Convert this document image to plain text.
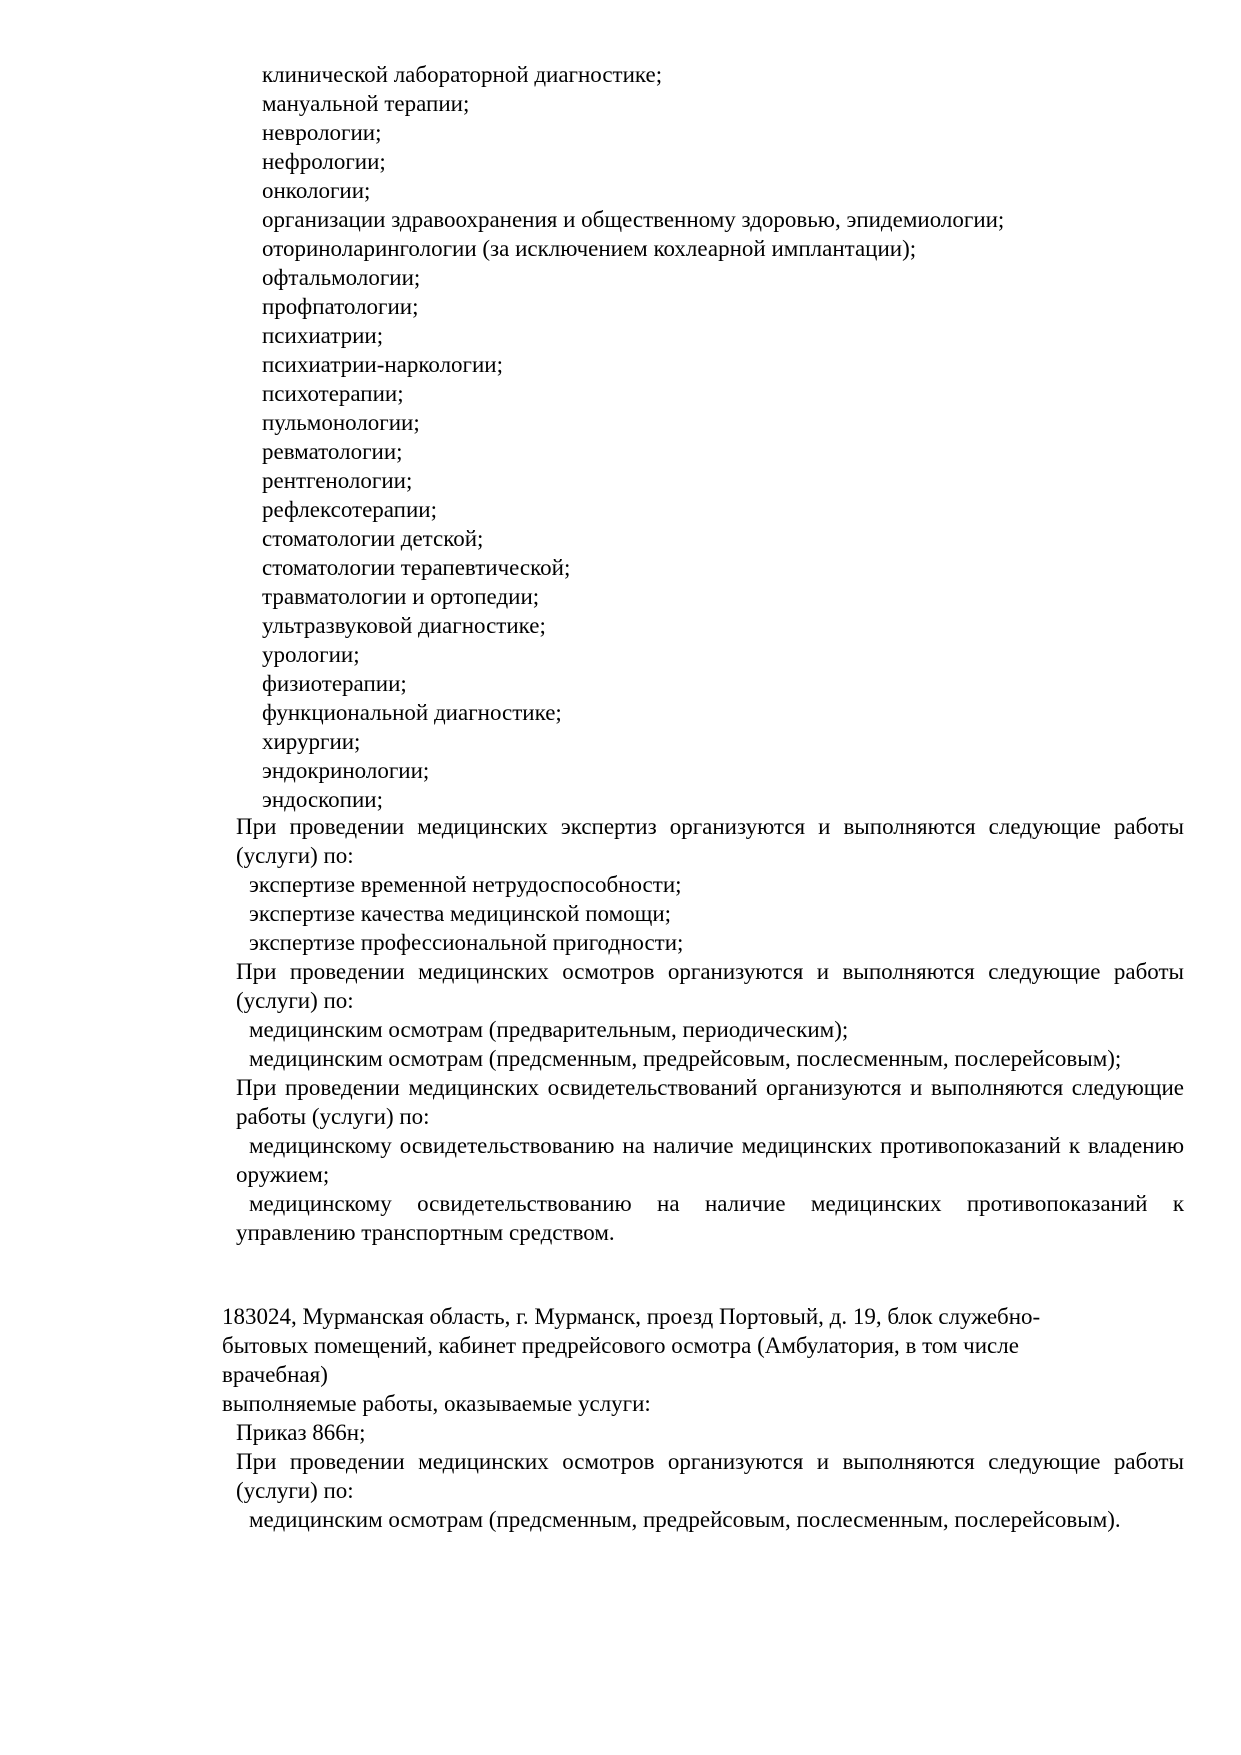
клинической лабораторной диагностике;
мануальной терапии;
неврологии;
нефрологии;
онкологии;
организации здравоохранения и общественному здоровью, эпидемиологии;
оториноларингологии (за исключением кохлеарной имплантации);
офтальмологии;
профпатологии;
психиатрии;
психиатрии-наркологии;
психотерапии;
пульмонологии;
ревматологии;
рентгенологии;
рефлексотерапии;
стоматологии детской;
стоматологии терапевтической;
травматологии и ортопедии;
ультразвуковой диагностике;
урологии;
физиотерапии;
функциональной диагностике;
хирургии;
эндокринологии;
эндоскопии;

При проведении медицинских экспертиз организуются и выполняются следующие работы (услуги) по:

экспертизе временной нетрудоспособности;

экспертизе качества медицинской помощи;

экспертизе профессиональной пригодности;

При проведении медицинских осмотров организуются и выполняются следующие работы (услуги) по:

медицинским осмотрам (предварительным, периодическим);

медицинским осмотрам (предсменным, предрейсовым, послесменным, послерейсовым);

При проведении медицинских освидетельствований организуются и выполняются следующие работы (услуги) по:

медицинскому освидетельствованию на наличие медицинских противопоказаний к владению оружием;

медицинскому освидетельствованию на наличие медицинских противопоказаний к управлению транспортным средством.

183024, Мурманская область, г. Мурманск, проезд Портовый, д. 19, блок служебно-

бытовых помещений, кабинет предрейсового осмотра (Амбулатория, в том числе

врачебная)

выполняемые работы, оказываемые услуги:

Приказ 866н;

При проведении медицинских осмотров организуются и выполняются следующие работы (услуги) по:

медицинским осмотрам (предсменным, предрейсовым, послесменным, послерейсовым).
